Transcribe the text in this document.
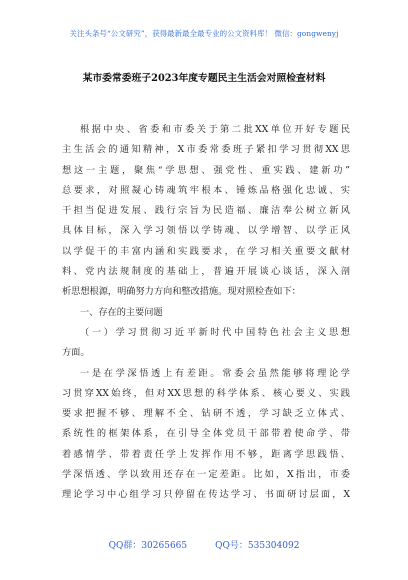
关注头条号“公文研究”，获得最新最全最专业的公文资料库！ 微信：gongwenyj
某市委常委班子2023年度专题民主生活会对照检查材料
根据中央、省委和市委关于第二批XX单位开好专题民
主生活会的通知精神，X市委常委班子紧扣学习贯彻XX思
想这一主题，聚焦“学思想、强党性、重实践、建新功”
总要求，对照凝心铸魂筑牢根本、锤炼品格强化忠诚、实
干担当促进发展、践行宗旨为民造福、廉洁奉公树立新风
具体目标，深入学习领悟以学铸魂、以学增智、以学正风
以学促干的丰富内涵和实践要求，在学习相关重要文献材
料、党内法规制度的基础上，普遍开展谈心谈话，深入剖
析思想根源，明确努力方向和整改措施。现对照检查如下：
一、存在的主要问题
（一）学习贯彻习近平新时代中国特色社会主义思想
方面。
一是在学深悟透上有差距。常委会虽然能够将理论学
习贯穿XX始终，但对XX思想的科学体系、核心要义、实践
要求把握不够、理解不全、钻研不透，学习缺乏立体式、
系统性的框架体系，在引导全体党员干部带着使命学、带
着感情学、带着责任学上发挥作用不够，距离学思践悟、
学深悟透、学以致用还存在一定差距。比如，X指出，市委
理论学习中心组学习只停留在传达学习、书面研讨层面，X
QQ群：30265665	QQ号：535304092
